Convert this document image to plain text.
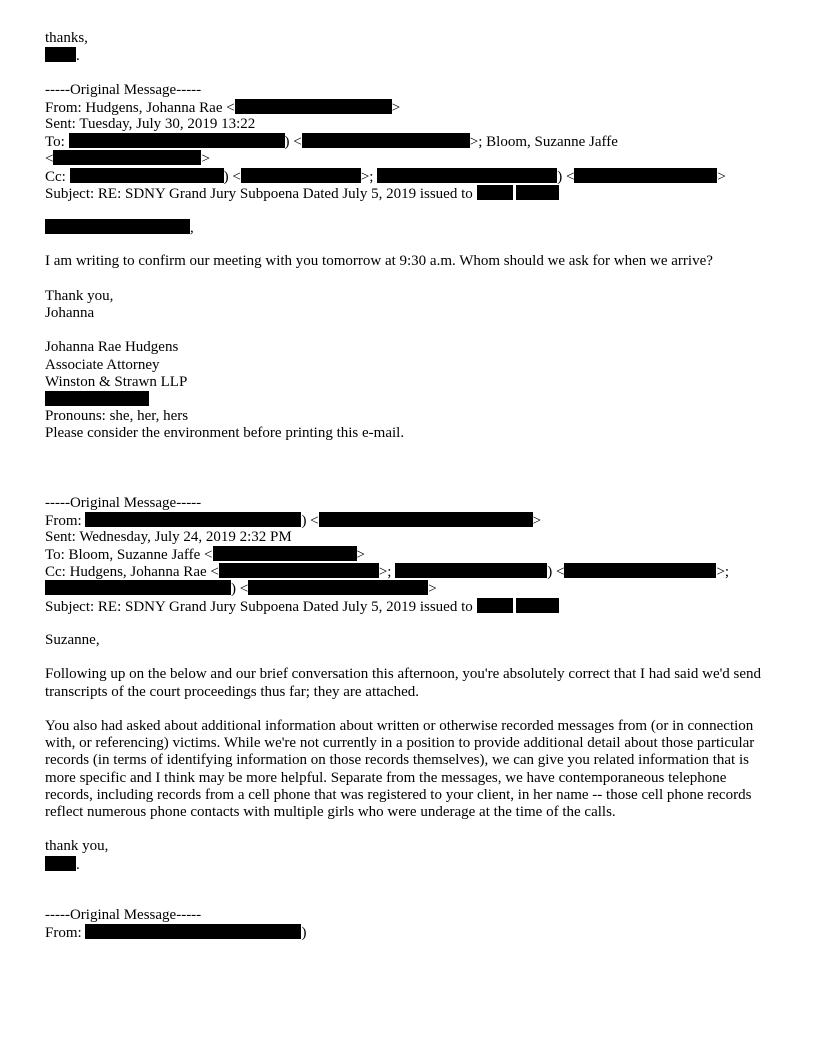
thanks,
.
-----Original Message-----
From: Hudgens, Johanna Rae <	>
Sent: Tuesday, July 30, 2019 13:22
To:	) <	>; Bloom, Suzanne Jaffe
<	>
Cc:	) <	>;	) <	>
Subject: RE: SDNY Grand Jury Subpoena Dated July 5, 2019 issued to
,
I am writing to confirm our meeting with you tomorrow at 9:30 a.m. Whom should we ask for when we arrive?
Thank you,
Johanna
Johanna Rae Hudgens
Associate Attorney
Winston & Strawn LLP
Pronouns: she, her, hers
Please consider the environment before printing this e-mail.
-----Original Message-----
From:	) <	>
Sent: Wednesday, July 24, 2019 2:32 PM
To: Bloom, Suzanne Jaffe <	>
Cc: Hudgens, Johanna Rae <	>;	) <	>;
) <	>
Subject: RE: SDNY Grand Jury Subpoena Dated July 5, 2019 issued to
Suzanne,
Following up on the below and our brief conversation this afternoon, you're absolutely correct that I had said we'd send transcripts of the court proceedings thus far; they are attached.
You also had asked about additional information about written or otherwise recorded messages from (or in connection with, or referencing) victims. While we're not currently in a position to provide additional detail about those particular records (in terms of identifying information on those records themselves), we can give you related information that is more specific and I think may be more helpful. Separate from the messages, we have contemporaneous telephone records, including records from a cell phone that was registered to your client, in her name -- those cell phone records reflect numerous phone contacts with multiple girls who were underage at the time of the calls.
thank you,
.
-----Original Message-----
From:	)
